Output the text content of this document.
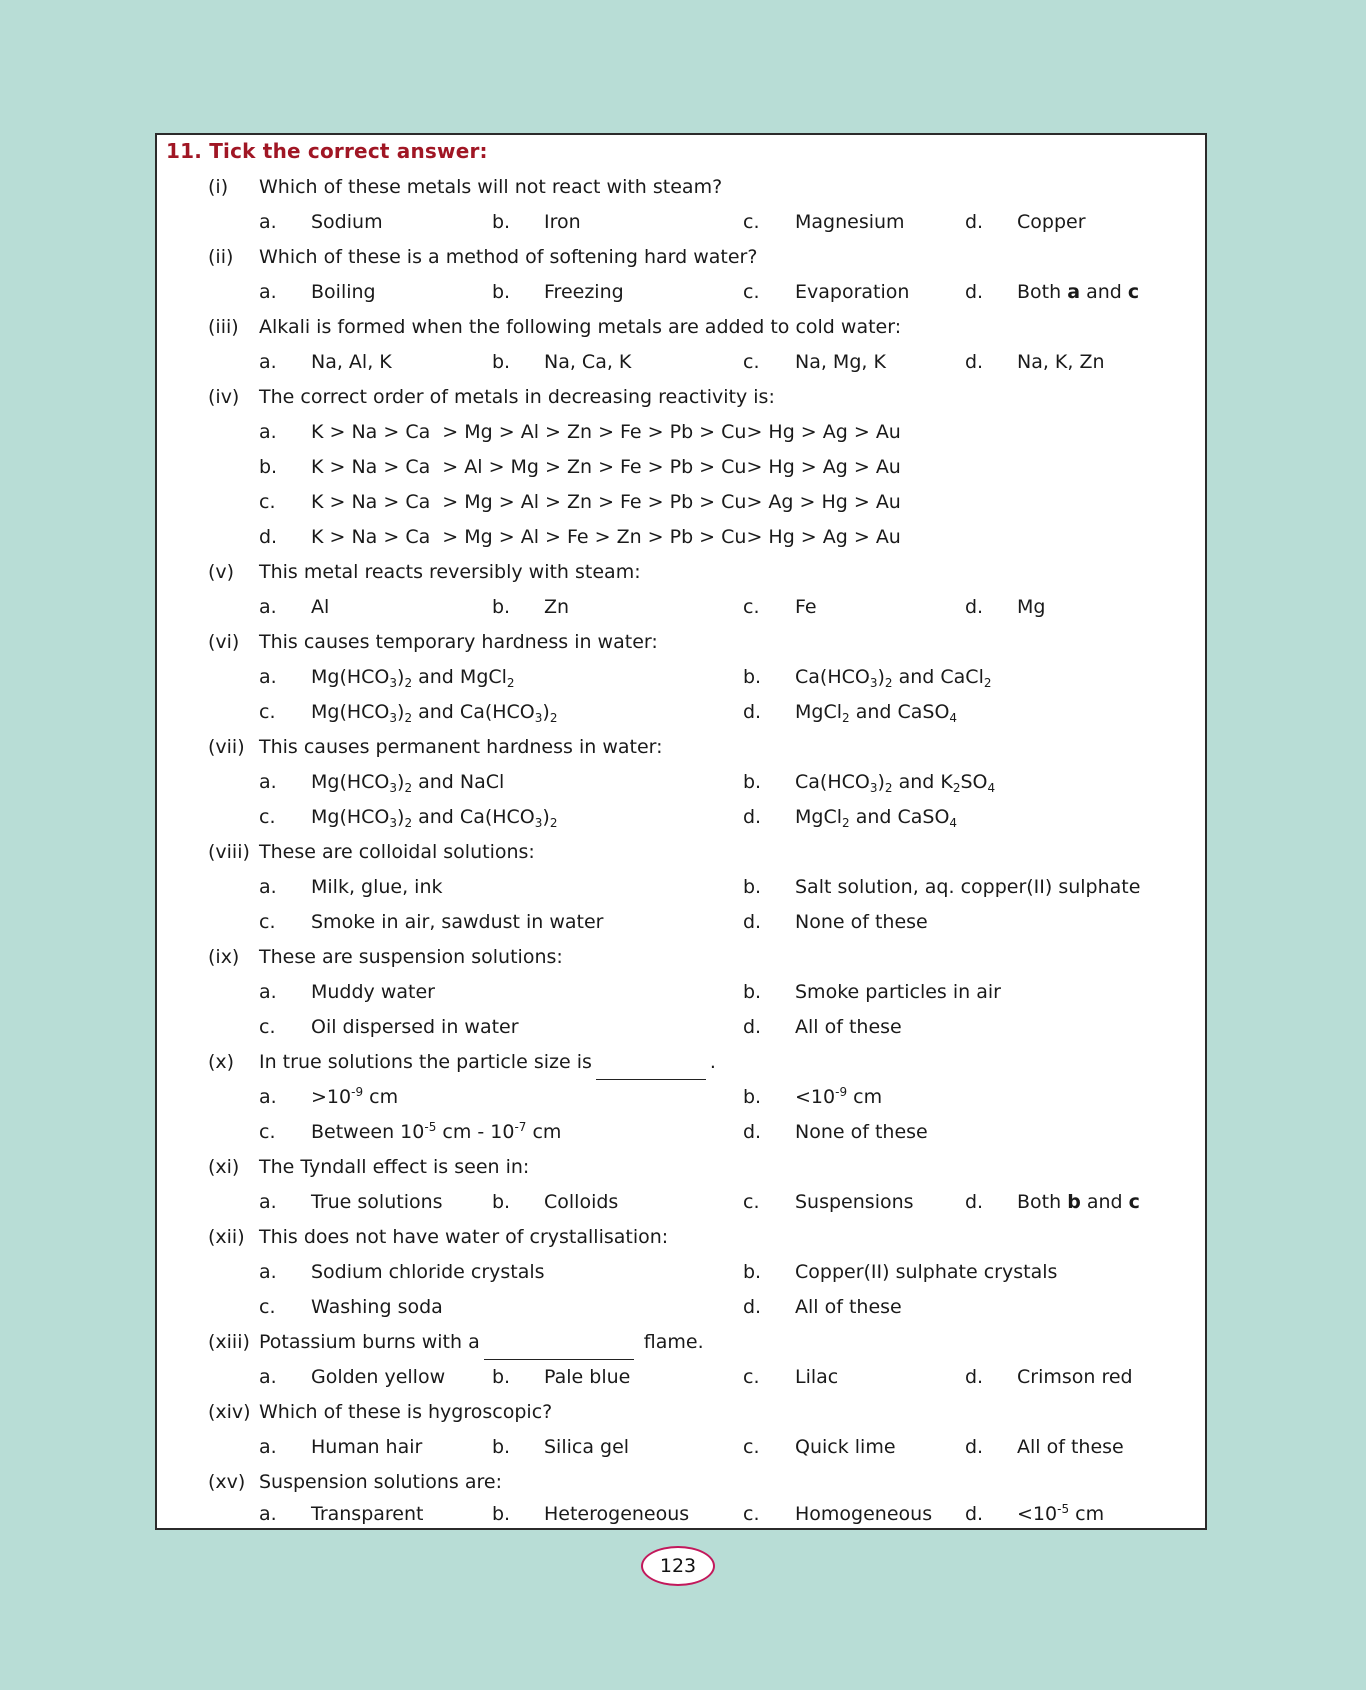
11. Tick the correct answer:
(i) Which of these metals will not react with steam?
a. Sodium	b. Iron	c. Magnesium	d. Copper
(ii) Which of these is a method of softening hard water?
a. Boiling	b. Freezing	c. Evaporation	d. Both a and c
(iii) Alkali is formed when the following metals are added to cold water:
a. Na, Al, K	b. Na, Ca, K	c. Na, Mg, K	d. Na, K, Zn
(iv) The correct order of metals in decreasing reactivity is:
a. K > Na > Ca  > Mg > Al > Zn > Fe > Pb > Cu> Hg > Ag > Au
b. K > Na > Ca  > Al > Mg > Zn > Fe > Pb > Cu> Hg > Ag > Au
c. K > Na > Ca  > Mg > Al > Zn > Fe > Pb > Cu> Ag > Hg > Au
d. K > Na > Ca  > Mg > Al > Fe > Zn > Pb > Cu> Hg > Ag > Au
(v) This metal reacts reversibly with steam:
a. Al	b. Zn	c. Fe	d. Mg
(vi) This causes temporary hardness in water:
a. $Mg(HCO_3)_2$ and MgCl$_2$	b. $Ca(HCO_3)_2$ and CaCl$_2$
c. $Mg(HCO_3)_2$ and $Ca(HCO_3)_2$	d. MgCl$_2$ and CaSO$_4$
(vii) This causes permanent hardness in water:
a. $Mg(HCO_3)_2$ and NaCl	b. $Ca(HCO_3)_2$ and $K_2SO_4$
c. $Mg(HCO_3)_2$ and $Ca(HCO_3)_2$	d. MgCl$_2$ and CaSO$_4$
(viii) These are colloidal solutions:
a. Milk, glue, ink	b. Salt solution, aq. copper(II) sulphate
c. Smoke in air, sawdust in water	d. None of these
(ix) These are suspension solutions:
a. Muddy water	b. Smoke particles in air
c. Oil dispersed in water	d. All of these
(x) In true solutions the particle size is	.
a. $>10^{-9}$ cm	b. $<10^{-9}$ cm
c. Between $10^{-5}$ cm - $10^{-7}$ cm	d. None of these
(xi) The Tyndall effect is seen in:
a. True solutions	b. Colloids	c. Suspensions	d. Both b and c
(xii) This does not have water of crystallisation:
a. Sodium chloride crystals	b. Copper(II) sulphate crystals
c. Washing soda	d. All of these
(xiii) Potassium burns with a	flame.
a. Golden yellow b. Pale blue	c. Lilac	d. Crimson red
(xiv) Which of these is hygroscopic?
a. Human hair	b. Silica gel	c. Quick lime	d. All of these
(xv) Suspension solutions are:
a. Transparent	b. Heterogeneous	c. Homogeneous d. $<10^{-5}$ cm
123
